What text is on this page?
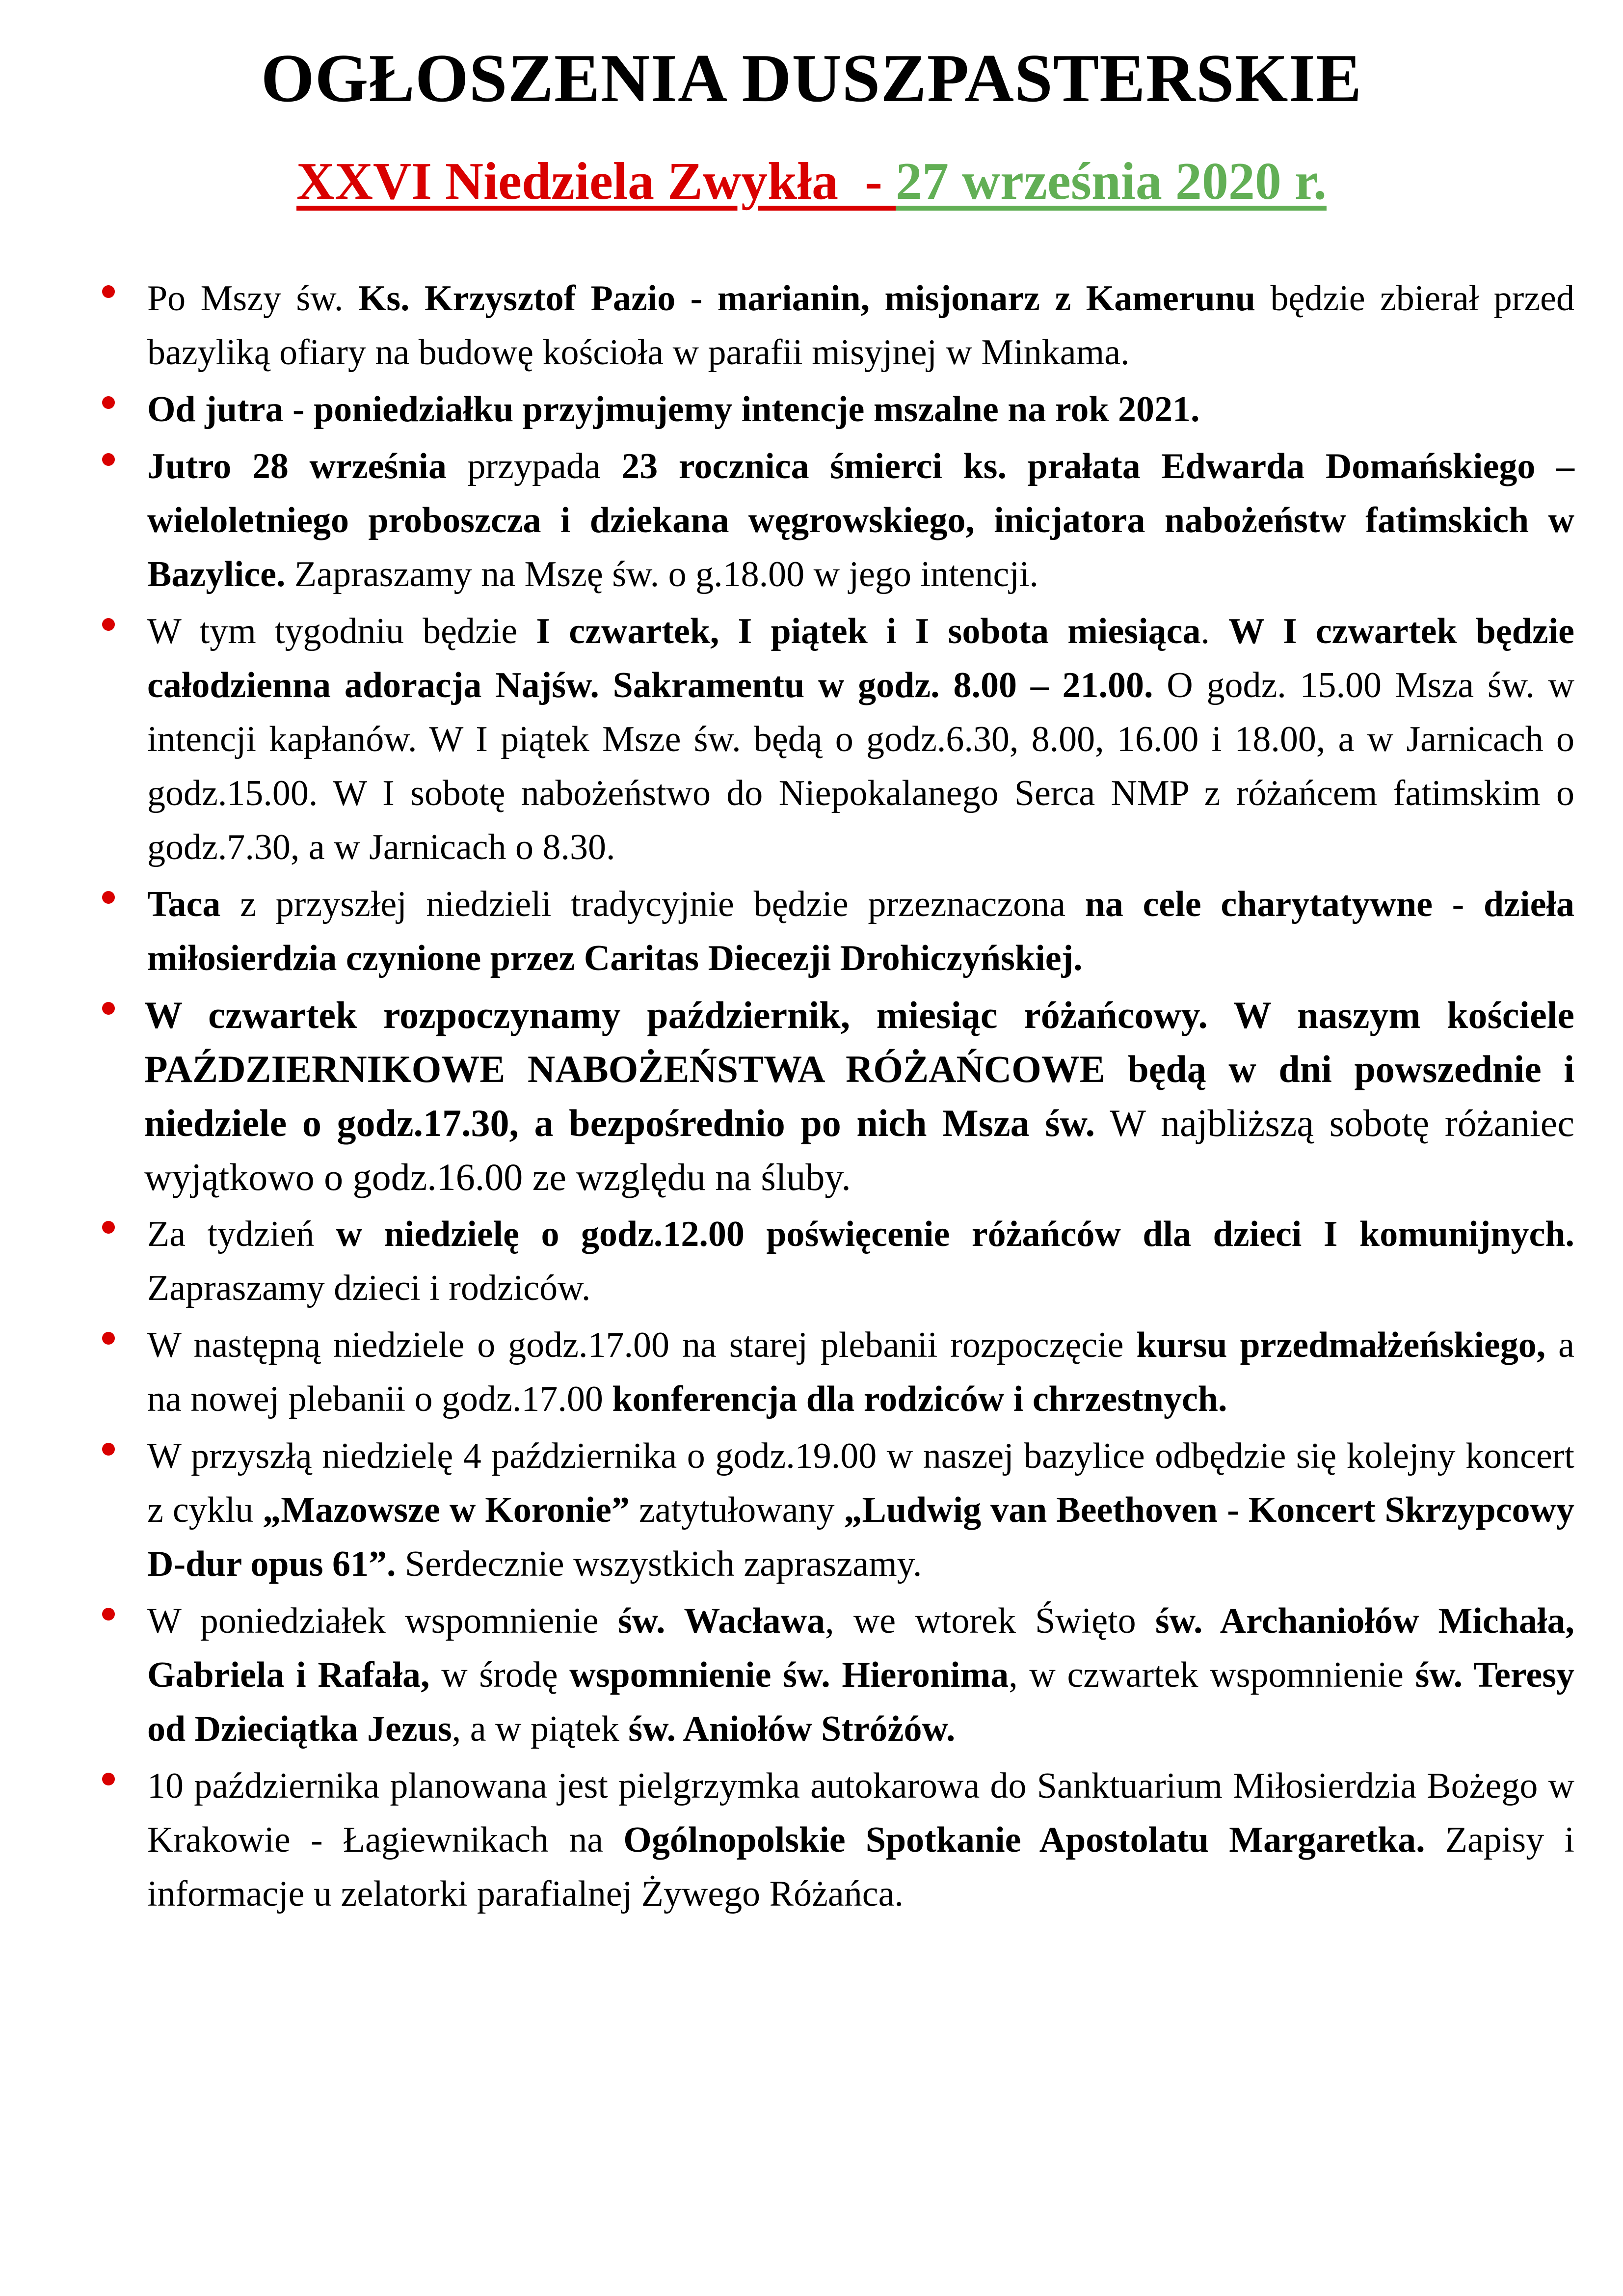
OGŁOSZENIA DUSZPASTERSKIE
XXVI Niedziela Zwykła  - 27 września 2020 r.
Po Mszy św. Ks. Krzysztof Pazio - marianin, misjonarz z Kamerunu będzie zbierał przed bazyliką ofiary na budowę kościoła w parafii misyjnej w Minkama.
Od jutra - poniedziałku przyjmujemy intencje mszalne na rok 2021.
Jutro 28 września przypada 23 rocznica śmierci ks. prałata Edwarda Domańskiego – wieloletniego proboszcza i dziekana węgrowskiego, inicjatora nabożeństw fatimskich w Bazylice. Zapraszamy na Mszę św. o g.18.00 w jego intencji.
W tym tygodniu będzie I czwartek, I piątek i I sobota miesiąca. W I czwartek będzie całodzienna adoracja Najśw. Sakramentu w godz. 8.00 – 21.00. O godz. 15.00 Msza św. w intencji kapłanów. W I piątek Msze św. będą o godz.6.30, 8.00, 16.00 i 18.00, a w Jarnicach o godz.15.00. W I sobotę nabożeństwo do Niepokalanego Serca NMP z różańcem fatimskim o godz.7.30, a w Jarnicach o 8.30.
Taca z przyszłej niedzieli tradycyjnie będzie przeznaczona na cele charytatywne - dzieła miłosierdzia czynione przez Caritas Diecezji Drohiczyńskiej.
W czwartek rozpoczynamy październik, miesiąc różańcowy. W naszym kościele PAŹDZIERNIKOWE NABOŻEŃSTWA RÓŻAŃCOWE będą w dni powszednie i niedziele o godz.17.30, a bezpośrednio po nich Msza św. W najbliższą sobotę różaniec wyjątkowo o godz.16.00 ze względu na śluby.
Za tydzień w niedzielę o godz.12.00 poświęcenie różańców dla dzieci I komunijnych. Zapraszamy dzieci i rodziców.
W następną niedziele o godz.17.00 na starej plebanii rozpoczęcie kursu przedmałżeńskiego, a na nowej plebanii o godz.17.00 konferencja dla rodziców i chrzestnych.
W przyszłą niedzielę 4 października o godz.19.00 w naszej bazylice odbędzie się kolejny koncert z cyklu „Mazowsze w Koronie” zatytułowany „Ludwig van Beethoven - Koncert Skrzypcowy D-dur opus 61”. Serdecznie wszystkich zapraszamy.
W poniedziałek wspomnienie św. Wacława, we wtorek Święto św. Archaniołów Michała, Gabriela i Rafała, w środę wspomnienie św. Hieronima, w czwartek wspomnienie św. Teresy od Dzieciątka Jezus, a w piątek św. Aniołów Stróżów.
10 października planowana jest pielgrzymka autokarowa do Sanktuarium Miłosierdzia Bożego w Krakowie - Łagiewnikach na Ogólnopolskie Spotkanie Apostolatu Margaretka. Zapisy i informacje u zelatorki parafialnej Żywego Różańca.
